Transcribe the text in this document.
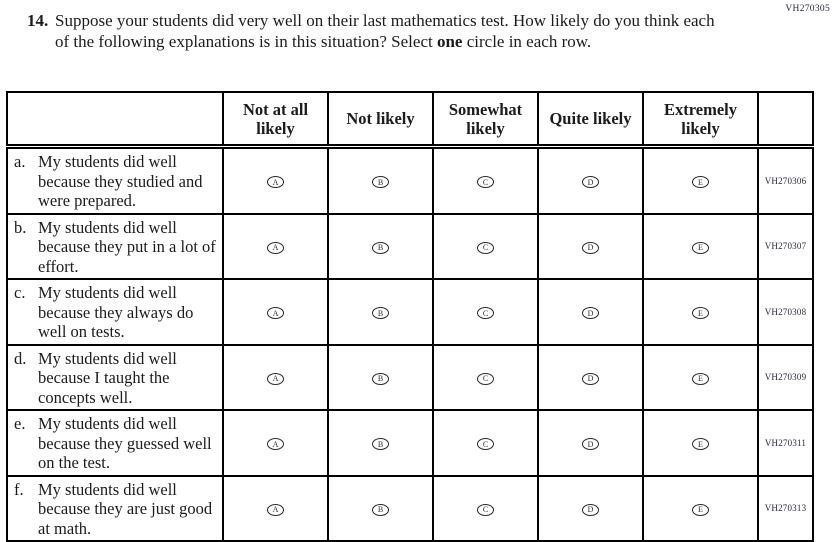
VH270305
14. Suppose your students did very well on their last mathematics test. How likely do you think each of the following explanations is in this situation? Select one circle in each row.
	Not at all likely	Not likely	Somewhat likely	Quite likely	Extremely likely	

a. My students did well because they studied and were prepared.	A	B	C	D	E	VH270306

b. My students did well because they put in a lot of effort.	A	B	C	D	E	VH270307

c. My students did well because they always do well on tests.	A	B	C	D	E	VH270308

d. My students did well because I taught the concepts well.	A	B	C	D	E	VH270309

e. My students did well because they guessed well on the test.	A	B	C	D	E	VH270311

f. My students did well because they are just good at math.	A	B	C	D	E	VH270313
